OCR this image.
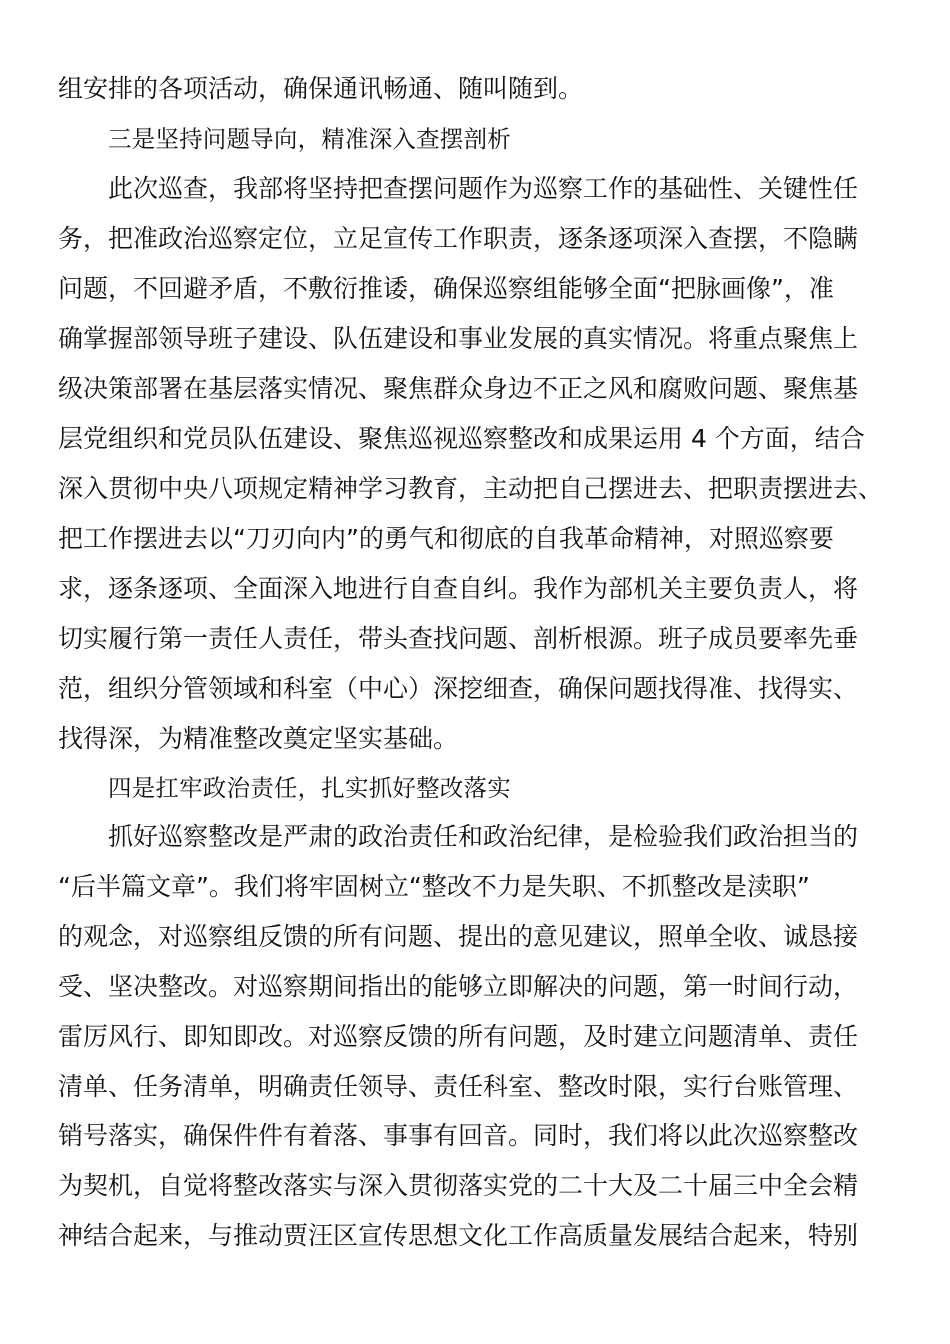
组安排的各项活动，确保通讯畅通、随叫随到。
三是坚持问题导向，精准深入查摆剖析
此次巡查，我部将坚持把查摆问题作为巡察工作的基础性、关键性任
务，把准政治巡察定位，立足宣传工作职责，逐条逐项深入查摆，不隐瞒
问题，不回避矛盾，不敷衍推诿，确保巡察组能够全面“把脉画像”，准
确掌握部领导班子建设、队伍建设和事业发展的真实情况。将重点聚焦上
级决策部署在基层落实情况、聚焦群众身边不正之风和腐败问题、聚焦基
层党组织和党员队伍建设、聚焦巡视巡察整改和成果运用 4 个方面，结合
深入贯彻中央八项规定精神学习教育，主动把自己摆进去、把职责摆进去、
把工作摆进去以“刀刃向内”的勇气和彻底的自我革命精神，对照巡察要
求，逐条逐项、全面深入地进行自查自纠。我作为部机关主要负责人，将
切实履行第一责任人责任，带头查找问题、剖析根源。班子成员要率先垂
范，组织分管领域和科室（中心）深挖细查，确保问题找得准、找得实、
找得深，为精准整改奠定坚实基础。
四是扛牢政治责任，扎实抓好整改落实
抓好巡察整改是严肃的政治责任和政治纪律，是检验我们政治担当的
“后半篇文章”。我们将牢固树立“整改不力是失职、不抓整改是渎职”
的观念，对巡察组反馈的所有问题、提出的意见建议，照单全收、诚恳接
受、坚决整改。对巡察期间指出的能够立即解决的问题，第一时间行动，
雷厉风行、即知即改。对巡察反馈的所有问题，及时建立问题清单、责任
清单、任务清单，明确责任领导、责任科室、整改时限，实行台账管理、
销号落实，确保件件有着落、事事有回音。同时，我们将以此次巡察整改
为契机，自觉将整改落实与深入贯彻落实党的二十大及二十届三中全会精
神结合起来，与推动贾汪区宣传思想文化工作高质量发展结合起来，特别
